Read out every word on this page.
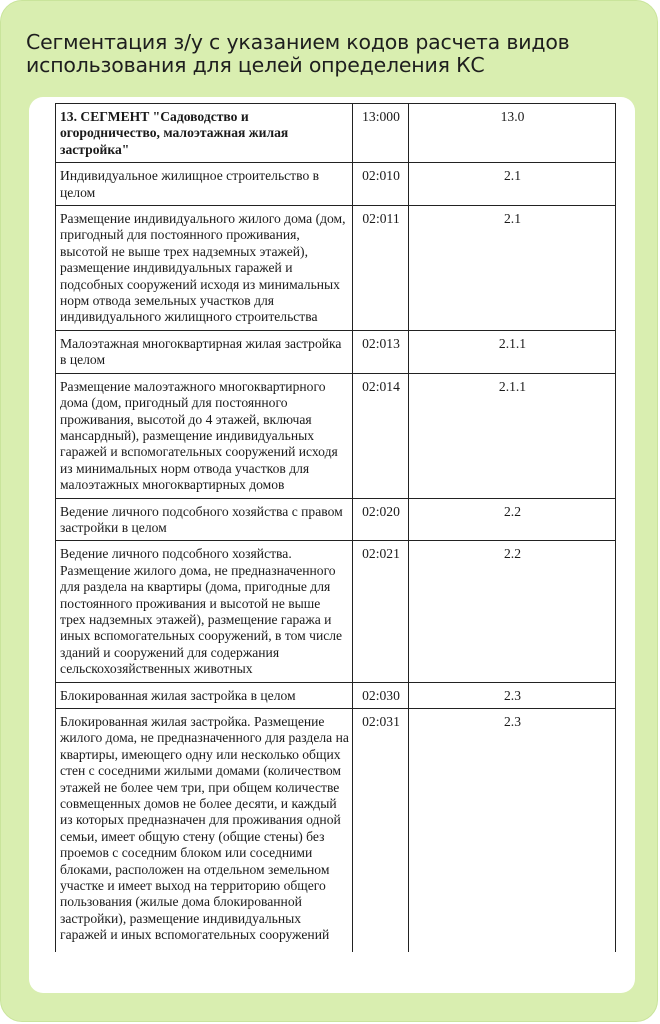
Сегментация з/у с указанием кодов расчета видов использования для целей определения КС
13. СЕГМЕНТ "Садоводство и огородничество, малоэтажная жилая застройка"	13:000	13.0
Индивидуальное жилищное строительство в целом	02:010	2.1
Размещение индивидуального жилого дома (дом, пригодный для постоянного проживания, высотой не выше трех надземных этажей), размещение индивидуальных гаражей и подсобных сооружений исходя из минимальных норм отвода земельных участков для индивидуального жилищного строительства	02:011	2.1
Малоэтажная многоквартирная жилая застройка в целом	02:013	2.1.1
Размещение малоэтажного многоквартирного дома (дом, пригодный для постоянного проживания, высотой до 4 этажей, включая мансардный), размещение индивидуальных гаражей и вспомогательных сооружений исходя из минимальных норм отвода участков для малоэтажных многоквартирных домов	02:014	2.1.1
Ведение личного подсобного хозяйства с правом застройки в целом	02:020	2.2
Ведение личного подсобного хозяйства. Размещение жилого дома, не предназначенного для раздела на квартиры (дома, пригодные для постоянного проживания и высотой не выше трех надземных этажей), размещение гаража и иных вспомогательных сооружений, в том числе зданий и сооружений для содержания сельскохозяйственных животных	02:021	2.2
Блокированная жилая застройка в целом	02:030	2.3
Блокированная жилая застройка. Размещение жилого дома, не предназначенного для раздела на квартиры, имеющего одну или несколько общих стен с соседними жилыми домами (количеством этажей не более чем три, при общем количестве совмещенных домов не более десяти, и каждый из которых предназначен для проживания одной семьи, имеет общую стену (общие стены) без проемов с соседним блоком или соседними блоками, расположен на отдельном земельном участке и имеет выход на территорию общего пользования (жилые дома блокированной застройки), размещение индивидуальных гаражей и иных вспомогательных сооружений	02:031	2.3
